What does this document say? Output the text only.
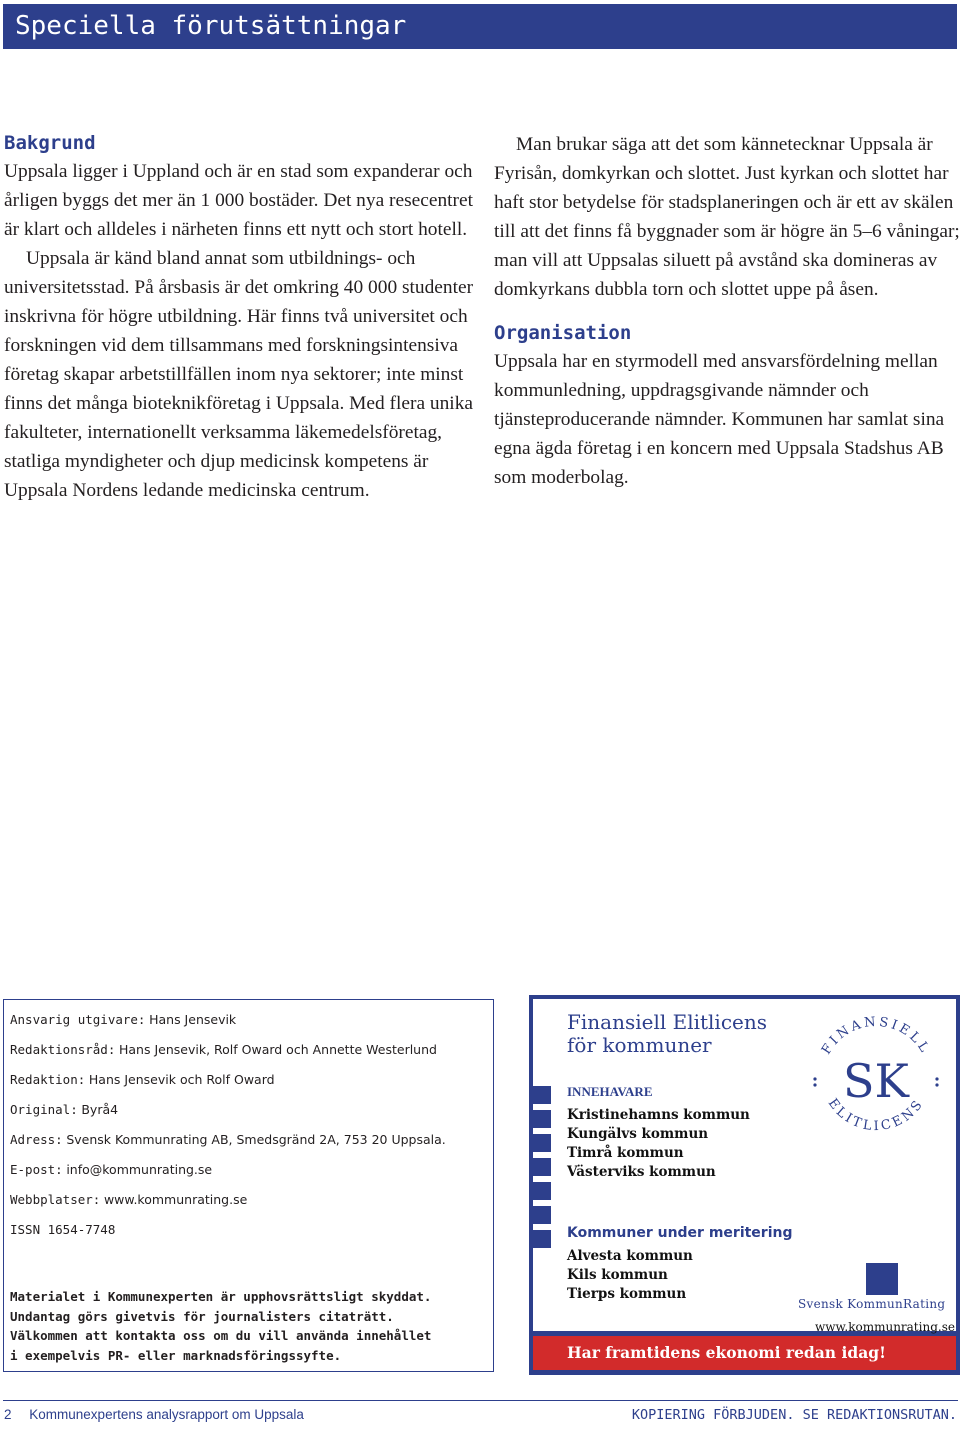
Speciella förutsättningar
Bakgrund

Uppsala ligger i Uppland och är en stad som expanderar och årligen byggs det mer än 1 000 bostäder. Det nya resecentret är klart och alldeles i närheten finns ett nytt och stort hotell.

Uppsala är känd bland annat som utbildnings- och universitetsstad. På årsbasis är det omkring 40 000 studenter inskrivna för högre utbildning. Här finns två universitet och forskningen vid dem tillsammans med forskningsintensiva företag skapar arbetstillfällen inom nya sektorer; inte minst finns det många bioteknikföretag i Uppsala. Med flera unika fakulteter, internationellt verksamma läkemedelsföretag, statliga myndigheter och djup medicinsk kompetens är Uppsala Nordens ledande medicinska centrum.

Man brukar säga att det som kännetecknar Uppsala är Fyrisån, domkyrkan och slottet. Just kyrkan och slottet har haft stor betydelse för stadsplaneringen och är ett av skälen till att det finns få byggnader som är högre än 5–6 våningar; man vill att Uppsalas siluett på avstånd ska domineras av domkyrkans dubbla torn och slottet uppe på åsen.

Organisation

Uppsala har en styrmodell med ansvarsfördelning mellan kommunledning, uppdragsgivande nämnder och tjänsteproducerande nämnder. Kommunen har samlat sina egna ägda företag i en koncern med Uppsala Stadshus AB som moderbolag.

Ansvarig utgivare: Hans Jensevik
Redaktionsråd: Hans Jensevik, Rolf Oward och Annette Westerlund
Redaktion: Hans Jensevik och Rolf Oward
Original: Byrå4
Adress: Svensk Kommunrating AB, Smedsgränd 2A, 753 20 Uppsala.
E-post: info@kommunrating.se
Webbplatser: www.kommunrating.se
ISSN 1654-7748
Materialet i Kommunexperten är upphovsrättsligt skyddat.
Undantag görs givetvis för journalisters citaträtt.
Välkommen att kontakta oss om du vill använda innehållet
i exempelvis PR- eller marknadsföringssyfte.
Finansiell Elitlicens
för kommuner	FINANSIELL
ELITLICENS
SK
INNEHAVARE
Kristinehamns kommun
Kungälvs kommun
Timrå kommun
Västerviks kommun
Kommuner under meritering
Alvesta kommun
Kils kommun
Tierps kommun
Svensk KommunRating
www.kommunrating.se
Har framtidens ekonomi redan idag!
2 Kommunexpertens analysrapport om Uppsala	KOPIERING FÖRBJUDEN. SE REDAKTIONSRUTAN.
